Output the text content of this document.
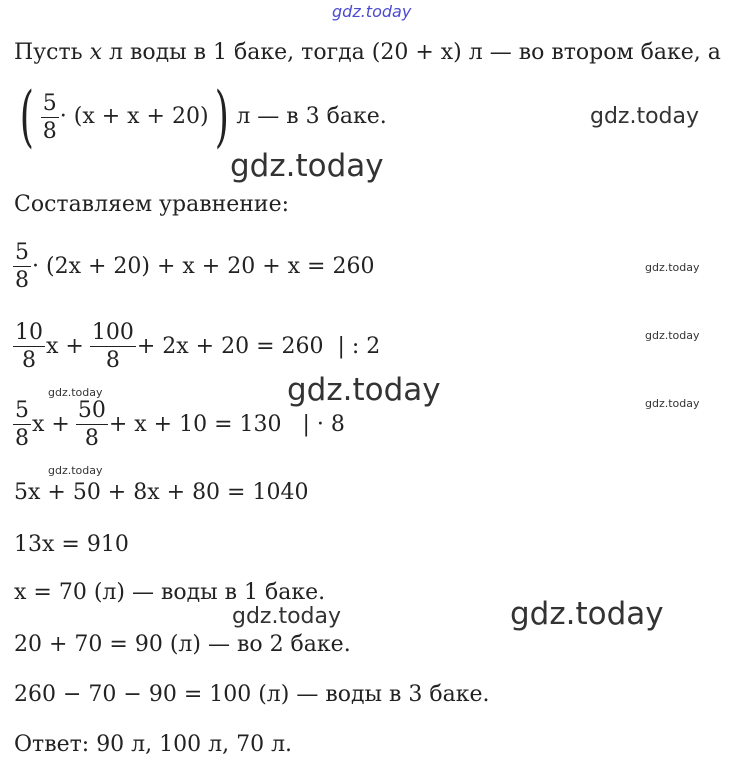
gdz.today
gdz.today
gdz.today
gdz.today
gdz.today
gdz.today	gdz.today
gdz.today
gdz.today
gdz.today	gdz.today
Пусть x л воды в 1 баке, тогда (20 + x) л — во втором баке, а
( $\frac{5}{8} \cdot (x + x + 20)$ ) л — в 3 баке.
Составляем уравнение:
$\frac{5}{8} \cdot (2x + 20) + x + 20 + x = 260$
$\frac{10}{8}$ $x + \frac{100}{8} + 2x + 20 = 260$  | : 2
$\frac{5}{8}$ $x + \frac{50}{8} + x + 10 = 130$   | · 8
5x + 50 + 8x + 80 = 1040
13x = 910
x = 70 (л) — воды в 1 баке.
20 + 70 = 90 (л) — во 2 баке.
260 − 70 − 90 = 100 (л) — воды в 3 баке.
Ответ: 90 л, 100 л, 70 л.
